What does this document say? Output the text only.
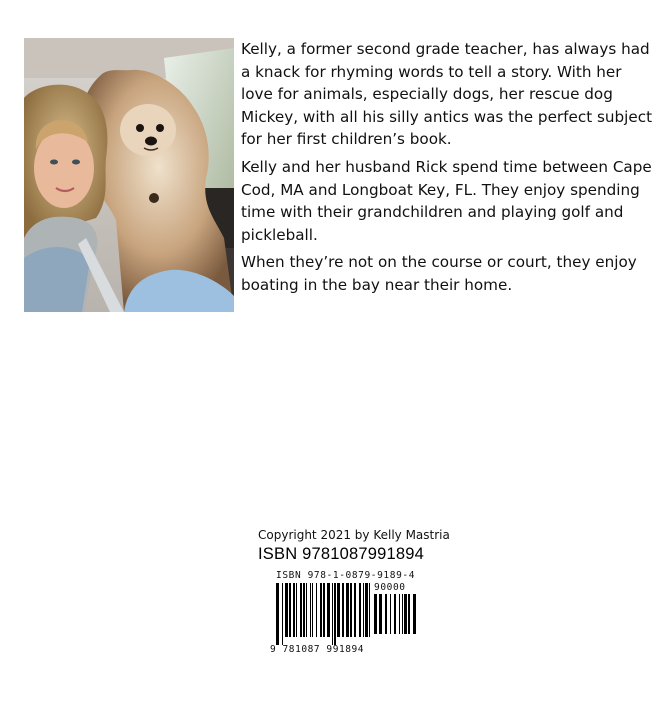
Kelly, a former second grade teacher, has always had a knack for rhyming words to tell a story. With her love for animals, especially dogs, her rescue dog Mickey, with all his silly antics was the perfect subject for her first children’s book.

Kelly and her husband Rick spend time between Cape Cod, MA and Longboat Key, FL. They enjoy spending time with their grandchildren and playing golf and pickleball.

When they’re not on the course or court, they enjoy boating in the bay near their home.

Copyright 2021 by Kelly Mastria
ISBN 9781087991894
ISBN 978-1-0879-9189-4
90000
9 781087 991894
